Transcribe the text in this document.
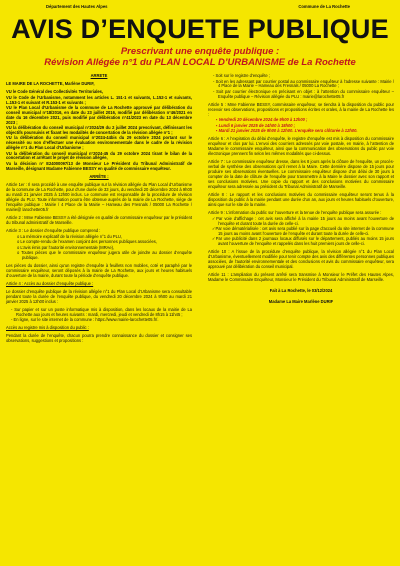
Département des Hautes Alpes	Commune de La Rochette
AVIS D’ENQUETE PUBLIQUE
Prescrivant une enquête publique :
Révision Allégée n°1 du PLAN LOCAL D’URBANISME de La Rochette

ARRETE

LE MAIRE DE LA ROCHETTE, Marlène DURIF,

VU le Code Général des Collectivités Territoriales,

VU le Code de l’Urbanisme, notamment les articles L. 151-1 et suivants, L.152-1 et suivants, L.153-1 et suivant et R.153-1 et suivants ;

VU le Plan Local d’Urbanisme de la commune de La Rochette approuvé par délibération du conseil municipal n°18/2016, en date du 23 juillet 2016, modifié par délibération n°46/2021 en date du 16 décembre 2021, puis modifié par délibération n°41/2023 en date du 13 décembre 2023 ;

VU la délibération du conseil municipal n°2024/29 du 2 juillet 2024 prescrivant, définissant les objectifs poursuivis et fixant les modalités de concertation de la révision allégée n°1 ;

VU la délibération du conseil municipal n°2024-44bis du 29 octobre 2024 portant sur le nécessité ou non d’effectuer une évaluation environnementale dans le cadre de la révision allégée n°1 du Plan Local d’Urbanisme ;

VU la délibération du conseil municipal n°2024-45 du 29 octobre 2024 tirant le bilan de la concertation et arrêtant le projet de révision allégée,

Vu la décision n° E24000097/13 de Monsieur Le Président du Tribunal Administratif de Marseille, désignant Madame Fabienne BESSY en qualité de commissaire enquêteur.

ARRÊTE :

Article 1er : Il sera procédé à une enquête publique sur la révision allégée du Plan Local d’Urbanisme de la commune de La Rochette, pour d’une durée de 33 jours, du vendredi 20 décembre 2024 à 9h00 au mardi 21 janvier 2025 à 12h00 inclus. Le commune est responsable de la procédure de révision allégée du PLU. Toute information pourra être obtenue auprès de la mairie de La Rochette, siège de l’enquête publique : Mairie / 4 Place de la Mairie – Hameau des Fresnals / 05000 La Rochette / mairie@ larochette05.fr

Article 2 : Mme Fabienne BESSY a été désignée en qualité de commissaire enquêteur par le président du tribunal administratif de Marseille.

Article 3 : Le dossier d’enquête publique comprend :

o La mémoire explicatif de la révision allégée n°1 du PLU,
o Le compte-rendu de l’examen conjoint des personnes publiques associées,
o L’avis émis par l’autorité environnementale (MRAe),
o Toutes pièces que le commissaire enquêteur jugera utile de joindre au dossier d’enquête publique.

Les pièces du dossier, ainsi qu’un registre d’enquête à feuillets non mobiles, coté et paraphé par le commissaire enquêteur, seront déposés à la mairie de La Rochette, aux jours et heures habituels d’ouverture de la mairie, durant toute la période d’enquête publique.

Article 4 : Accès au dossier d’enquête publique :

Le dossier d’enquête publique de la révision allégée n°1 du Plan Local d’Urbanisme sera consultable pendant toute la durée de l’enquête publique, du vendredi 20 décembre 2024 à 9h00 au mardi 21 janvier 2025 à 12h00 inclus :

- Sur papier et sur un poste informatique mis à disposition, dans les locaux de la mairie de La Rochette aux jours et heures suivants : mardi, mercredi, jeudi et vendredi de 8h15 à 11h45 ;
- En ligne, sur le site internet de la commune : https://www.mairie-larochette05.fr/.

Accès au registre mis à disposition du public :

Pendant la durée de l’enquête, chacun pourra prendre connaissance du dossier et consigner ses observations, suggestions et propositions :

- Soit sur le registre d’enquête ;
- Soit en les adressant par courrier postal au commissaire enquêteur à l’adresse suivante : Mairie / 4 Place de la Mairie – Hameau des Fresnals / 05000 La Rochette ;
- Soit par courrier électronique en précisant en objet : à l’attention du commissaire enquêteur – Enquête publique – Révision allégée du PLU : mairie@larochette05.fr

Article 5 : Mme Fabienne BESSY, commissaire enquêteur, se tiendra à la disposition du public pour recevoir ses observations, propositions et propositions écrites et orales, à la mairie de La Rochette les :

▪ Vendredi 20 décembre 2024 de 9h00 à 12h00 ;
▪ Lundi 6 janvier 2025 de 14h00 à 18h00 ;
▪ Mardi 21 janvier 2025 de 9h00 à 12h00. L’enquête sera clôturée à 12h00.

Article 6 : A l’expiration du délai d’enquête, le registre d’enquête est mis à disposition du commissaire enquêteur et clos par lui. L’envoi des courriers adressés par voie postale, en mairie, à l’attention de Madame le commissaire enquêteur, ainsi que la communication des observations du public par voie électronique prennent fin selon les mêmes modalités que ci-dessus.

Article 7 : Le commissaire enquêteur dresse, dans les 8 jours après la clôture de l’enquête, un procès-verbal de synthèse des observations qu’il remet à la Maire. Cette dernière dispose de 15 jours pour produire ses observations éventuelles. Le commissaire enquêteur dispose d’un délai de 30 jours à compter de la date de clôture de l’enquête pour transmettre à la Maire le dossier avec son rapport et ses conclusions motivées. Une copie du rapport et des conclusions motivées du commissaire enquêteur sera adressée au président du Tribunal Administratif de Marseille.

Article 8 : Le rapport et les conclusions motivées du commissaire enquêteur seront tenus à la disposition du public à la mairie pendant une durée d’un an, aux jours et heures habituels d’ouverture, ainsi que sur le site de la mairie.

Article 9 : L’information du public sur l’ouverture et la tenue de l’enquête publique sera assurée :

✓ Par voie d’affichage : cet avis sera affiché à la mairie 15 jours au moins avant l’ouverture de l’enquête et durant toute la durée de celle-ci.
✓ Par voie dématérialisée : cet avis sera publié sur la page d’accueil du site internet de la commune 15 jours au moins avant l’ouverture de l’enquête et durant toute la durée de celle-ci.
✓ Par une publicité dans 2 journaux locaux diffusés sur le département, publiés au moins 15 jours avant l’ouverture de l’enquête et rappelés dans les huit premiers jours de celle-ci.

Article 10 : A l’issue de la procédure d’enquête publique, la révision allégée n°1 du Plan Local d’Urbanisme, éventuellement modifiée pour tenir compte des avis des différentes personnes publiques associées, de l’autorité environnementale et des conclusions et avis du commissaire enquêteur, sera approuvé par délibération du conseil municipal.

Article 11 : L’ampliation du présent arrêté sera transmise à Monsieur le Préfet des Hautes Alpes, Madame le Commissaire Enquêteur, Monsieur le Président du Tribunal Administratif de Marseille.

Fait à La Rochette, le 03/12/2024

Madame La Maire Marlène DURIF
